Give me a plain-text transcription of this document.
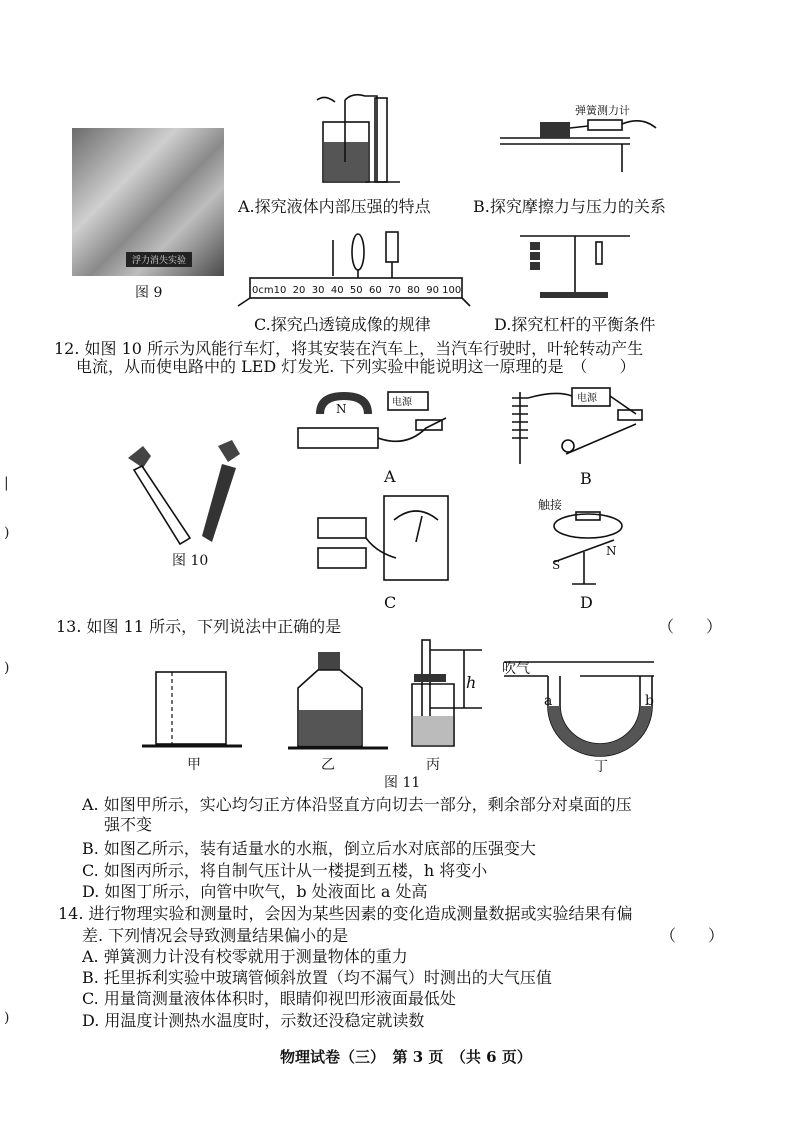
浮力消失实验
图 9
A.探究液体内部压强的特点
弹簧测力计
B.探究摩擦力与压力的关系
0cm10  20  30  40  50  60  70  80  90 100
C.探究凸透镜成像的规律	D.探究杠杆的平衡条件
12. 如图 10 所示为风能行车灯，将其安装在汽车上，当汽车行驶时，叶轮转动产生
电流，从而使电路中的 LED 灯发光. 下列实验中能说明这一原理的是　（　　）
图 10
N	电源
A
电源
B
C
触接
S
N
D
13. 如图 11 所示，下列说法中正确的是	（　　）
h
吹气
a	b
甲	乙	丙	丁
图 11
A. 如图甲所示，实心均匀正方体沿竖直方向切去一部分，剩余部分对桌面的压
强不变
B. 如图乙所示，装有适量水的水瓶，倒立后水对底部的压强变大
C. 如图丙所示，将自制气压计从一楼提到五楼，h 将变小
D. 如图丁所示，向管中吹气，b 处液面比 a 处高
14. 进行物理实验和测量时，会因为某些因素的变化造成测量数据或实验结果有偏
差. 下列情况会导致测量结果偏小的是	（　　）
A. 弹簧测力计没有校零就用于测量物体的重力
B. 托里拆利实验中玻璃管倾斜放置（均不漏气）时测出的大气压值
C. 用量筒测量液体体积时，眼睛仰视凹形液面最低处
D. 用温度计测热水温度时，示数还没稳定就读数
物理试卷（三）　第 3 页　（共 6 页）
|
)
)
)
